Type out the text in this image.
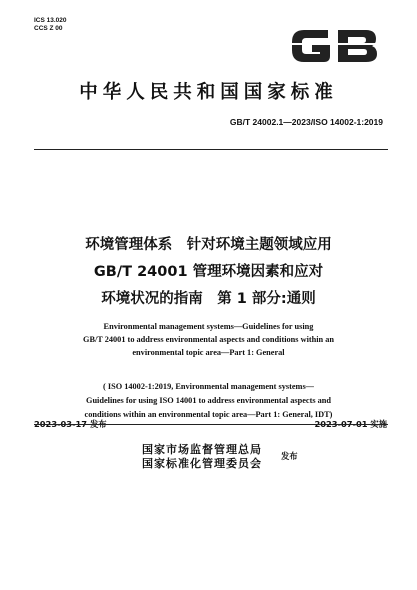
ICS 13.020
CCS Z 00
中华人民共和国国家标准
GB/T 24002.1—2023/ISO 14002-1:2019
环境管理体系　针对环境主题领域应用
GB/T 24001 管理环境因素和应对
环境状况的指南　第 1 部分:通则
Environmental management systems—Guidelines for using
GB/T 24001 to address environmental aspects and conditions within an
environmental topic area—Part 1: General
( ISO 14002-1:2019, Environmental management systems—
Guidelines for using ISO 14001 to address environmental aspects and
conditions within an environmental topic area—Part 1: General, IDT)
2023-03-17 发布	2023-07-01 实施
国家市场监督管理总局
国家标准化管理委员会
发布
